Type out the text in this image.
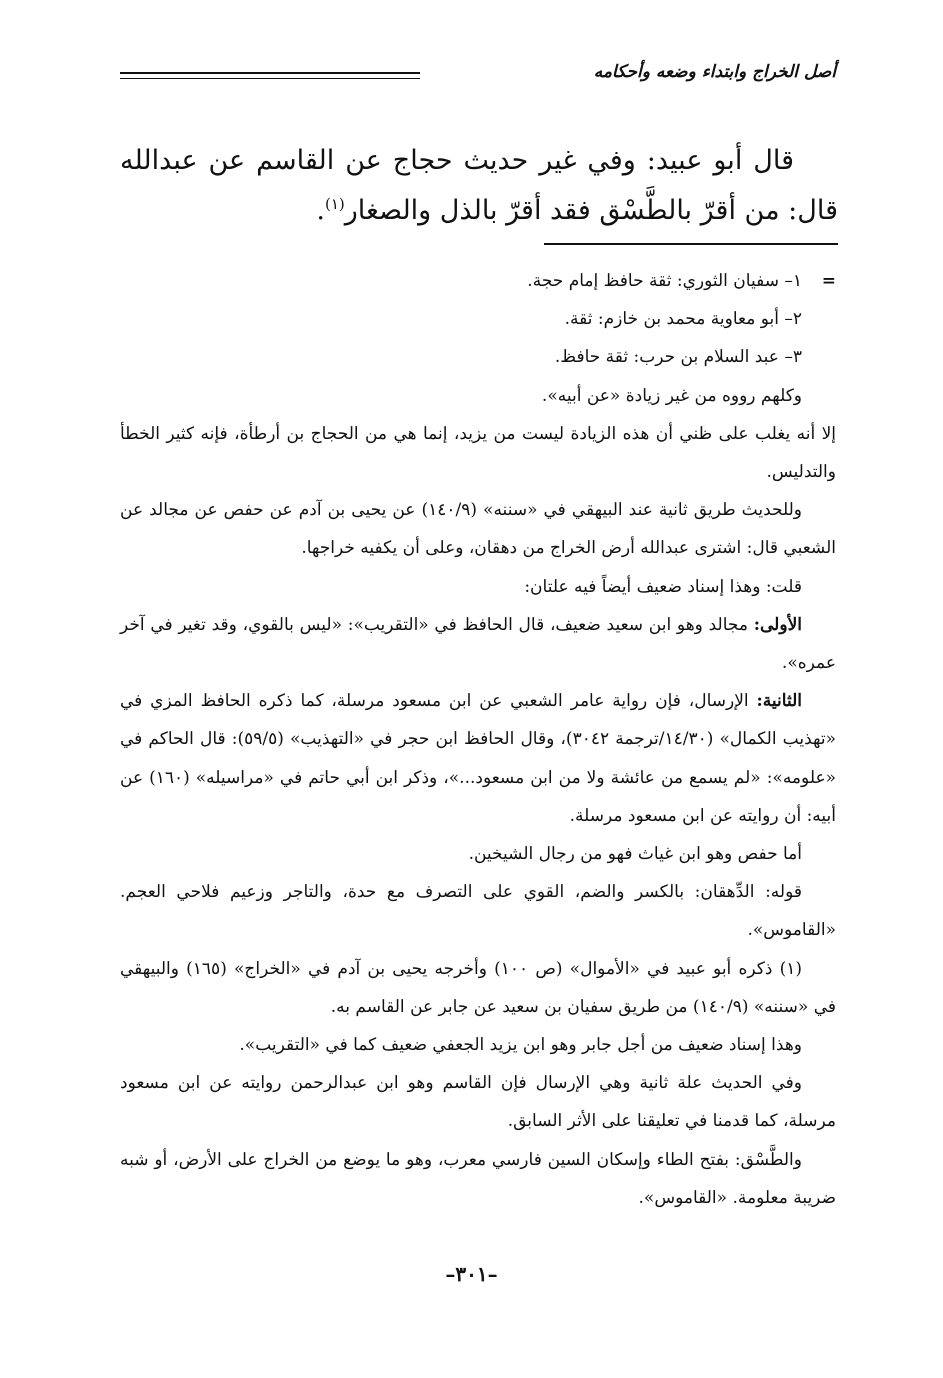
أصل الخراج وابتداء وضعه وأحكامه

قال أبو عبيد: وفي غير حديث حجاج عن القاسم عن عبدالله قال: من أقرّ بالطَّسْق فقد أقرّ بالذل والصغار$^{(١)}$.

=
١– سفيان الثوري: ثقة حافظ إمام حجة.

٢– أبو معاوية محمد بن خازم: ثقة.

٣– عبد السلام بن حرب: ثقة حافظ.

وكلهم رووه من غير زيادة «عن أبيه».

إلا أنه يغلب على ظني أن هذه الزيادة ليست من يزيد، إنما هي من الحجاج بن أرطأة، فإنه كثير الخطأ والتدليس.

وللحديث طريق ثانية عند البيهقي في «سننه» (١٤٠/٩) عن يحيى بن آدم عن حفص عن مجالد عن الشعبي قال: اشترى عبدالله أرض الخراج من دهقان، وعلى أن يكفيه خراجها.

قلت: وهذا إسناد ضعيف أيضاً فيه علتان:

الأولى: مجالد وهو ابن سعيد ضعيف، قال الحافظ في «التقريب»: «ليس بالقوي، وقد تغير في آخر عمره».

الثانية: الإرسال، فإن رواية عامر الشعبي عن ابن مسعود مرسلة، كما ذكره الحافظ المزي في «تهذيب الكمال» (١٤/٣٠/ترجمة ٣٠٤٢)، وقال الحافظ ابن حجر في «التهذيب» (٥٩/٥): قال الحاكم في «علومه»: «لم يسمع من عائشة ولا من ابن مسعود...»، وذكر ابن أبي حاتم في «مراسيله» (١٦٠) عن أبيه: أن روايته عن ابن مسعود مرسلة.

أما حفص وهو ابن غياث فهو من رجال الشيخين.

قوله: الدِّهقان: بالكسر والضم، القوي على التصرف مع حدة، والتاجر وزعيم فلاحي العجم. «القاموس».

(١) ذكره أبو عبيد في «الأموال» (ص ١٠٠) وأخرجه يحيى بن آدم في «الخراج» (١٦٥) والبيهقي في «سننه» (١٤٠/٩) من طريق سفيان بن سعيد عن جابر عن القاسم به.

وهذا إسناد ضعيف من أجل جابر وهو ابن يزيد الجعفي ضعيف كما في «التقريب».

وفي الحديث علة ثانية وهي الإرسال فإن القاسم وهو ابن عبدالرحمن روايته عن ابن مسعود مرسلة، كما قدمنا في تعليقنا على الأثر السابق.

والطَّسْق: بفتح الطاء وإسكان السين فارسي معرب، وهو ما يوضع من الخراج على الأرض، أو شبه ضريبة معلومة. «القاموس».

–٣٠١–
